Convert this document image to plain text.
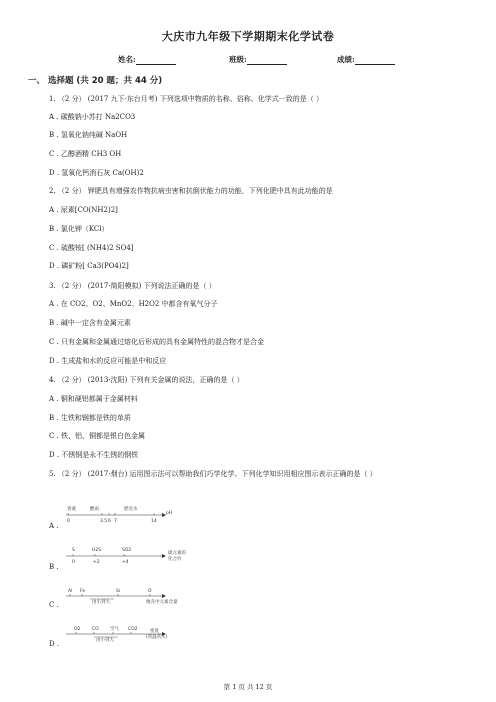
大庆市九年级下学期期末化学试卷
姓名:	班级:	成绩:
一、 选择题 (共 20 题；共 44 分)
1. （2 分） (2017 九下·东台月考) 下列选项中物质的名称、俗称、化学式一致的是（ ）
A . 碳酸钠小苏打 Na2CO3
B . 氢氧化钠纯碱 NaOH
C . 乙醇酒精 CH3 OH
D . 氢氧化钙消石灰 Ca(OH)2
2. （2 分） 钾肥具有增强农作物抗病虫害和抗倒伏能力的功能，下列化肥中具有此功能的是
A . 尿素[CO(NH2)2]
B . 氯化钾（KCl）
C . 硫酸铵[ (NH4)2 SO4]
D . 磷矿粉[ Ca3(PO4)2]
3. （2 分） (2017·简阳模拟) 下列说法正确的是（ ）
A . 在 CO2、O2、MnO2、H2O2 中都含有氧气分子
B . 碱中一定含有金属元素
C . 只有金属和金属通过熔化后形成的具有金属特性的混合物才是合金
D . 生成盐和水的反应可能是中和反应
4. （2 分） (2013·沈阳) 下列有关金属的说法，正确的是（ ）
A . 铜和硬铝都属于金属材料
B . 生铁和钢都是铁的单质
C . 铁、铝、铜都是银白色金属
D . 不锈钢是永不生锈的钢铁
5. （2 分） (2017·烟台) 运用图示法可以帮助我们巧学化学。下列化学知识用相应图示表示正确的是（ ）
A .
B .
C .
D .
胃液	酸雨	肥皂水
0	3.5 6 7	14
pH
S	H2S	SO2
0	+2	+4
硫元素的
化合价
Al Fe	Si	O
由小到大	地壳中元素含量
O2	CO	空气 CO2
由小到大
密度
(常温常压)
第 1 页 共 12 页
